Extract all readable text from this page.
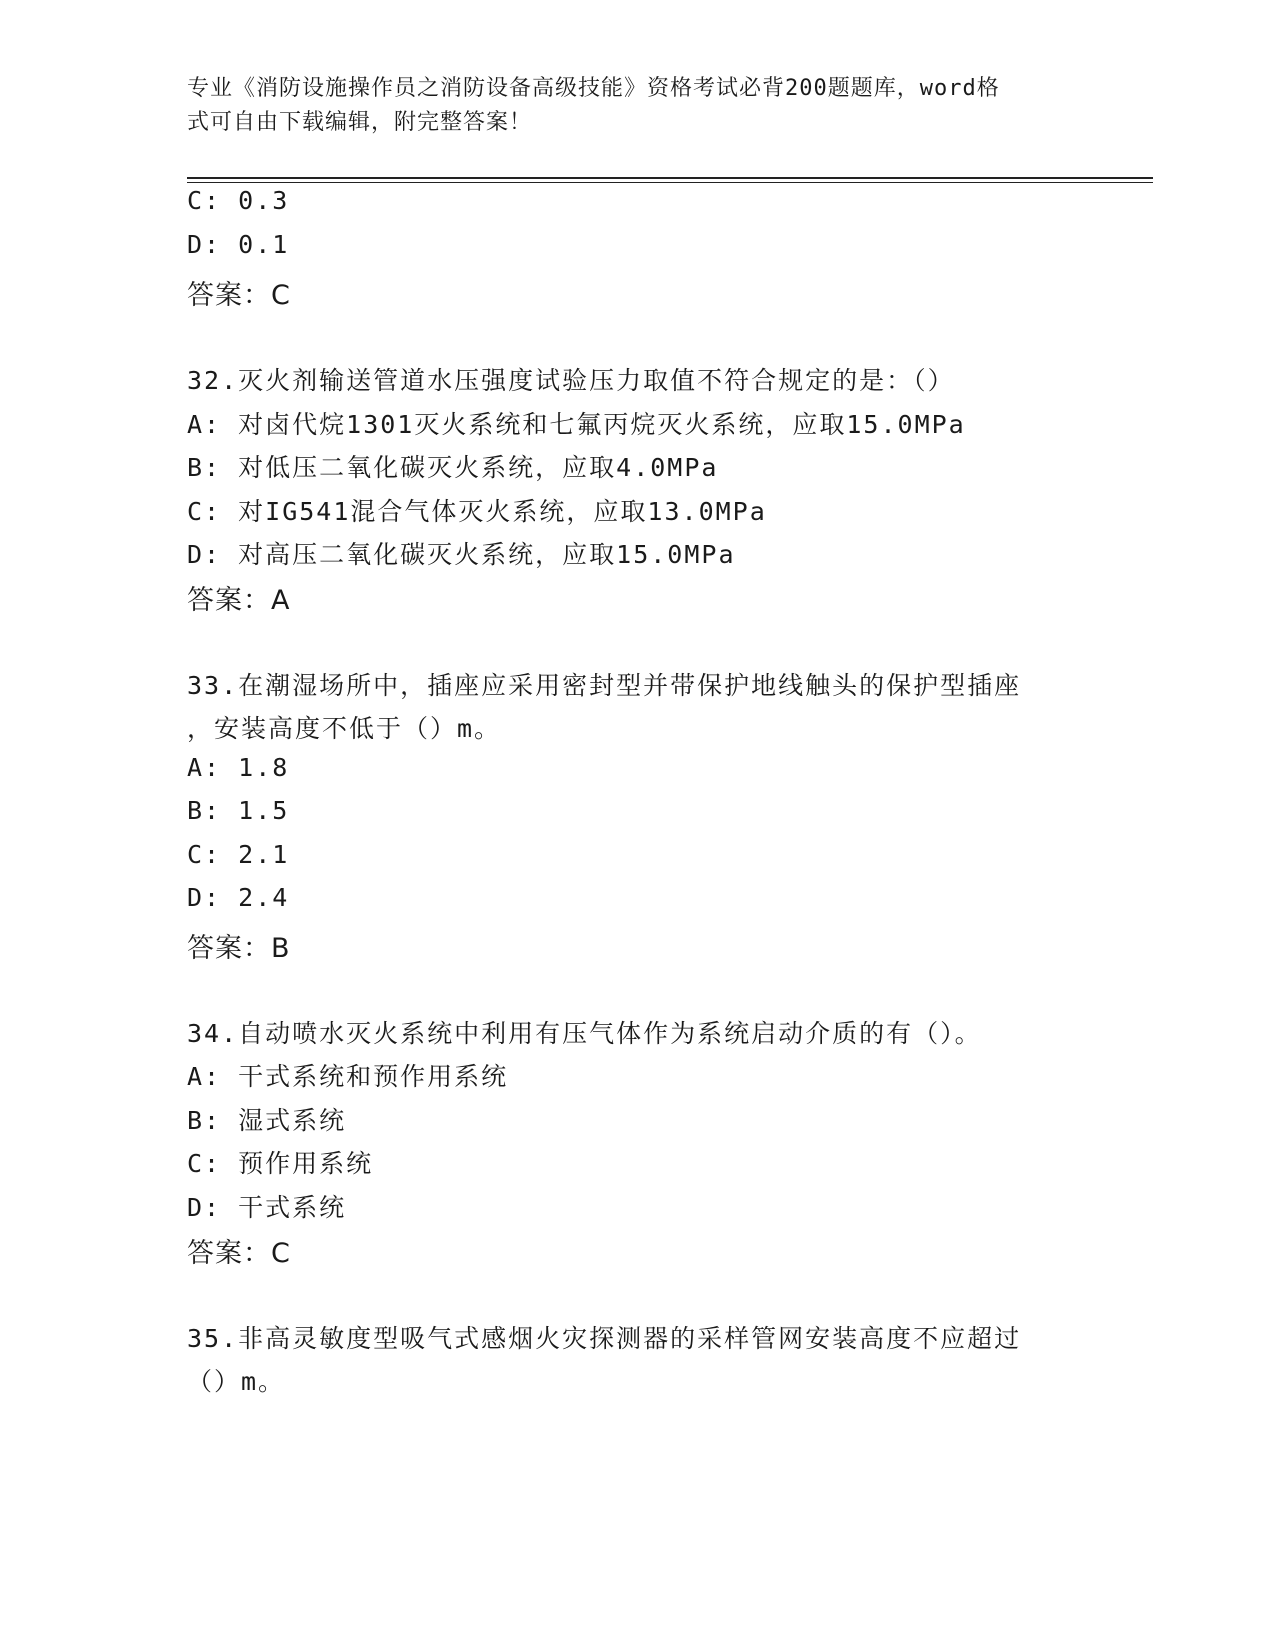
专业《消防设施操作员之消防设备高级技能》资格考试必背200题题库，word格
式可自由下载编辑，附完整答案！
C: 0.3
D: 0.1
答案：C
32.灭火剂输送管道水压强度试验压力取值不符合规定的是：（）
A: 对卤代烷1301灭火系统和七氟丙烷灭火系统，应取15.0MPa
B: 对低压二氧化碳灭火系统，应取4.0MPa
C: 对IG541混合气体灭火系统，应取13.0MPa
D: 对高压二氧化碳灭火系统，应取15.0MPa
答案：A
33.在潮湿场所中，插座应采用密封型并带保护地线触头的保护型插座
，安装高度不低于（）m。
A: 1.8
B: 1.5
C: 2.1
D: 2.4
答案：B
34.自动喷水灭火系统中利用有压气体作为系统启动介质的有（）。
A: 干式系统和预作用系统
B: 湿式系统
C: 预作用系统
D: 干式系统
答案：C
35.非高灵敏度型吸气式感烟火灾探测器的采样管网安装高度不应超过
（）m。
